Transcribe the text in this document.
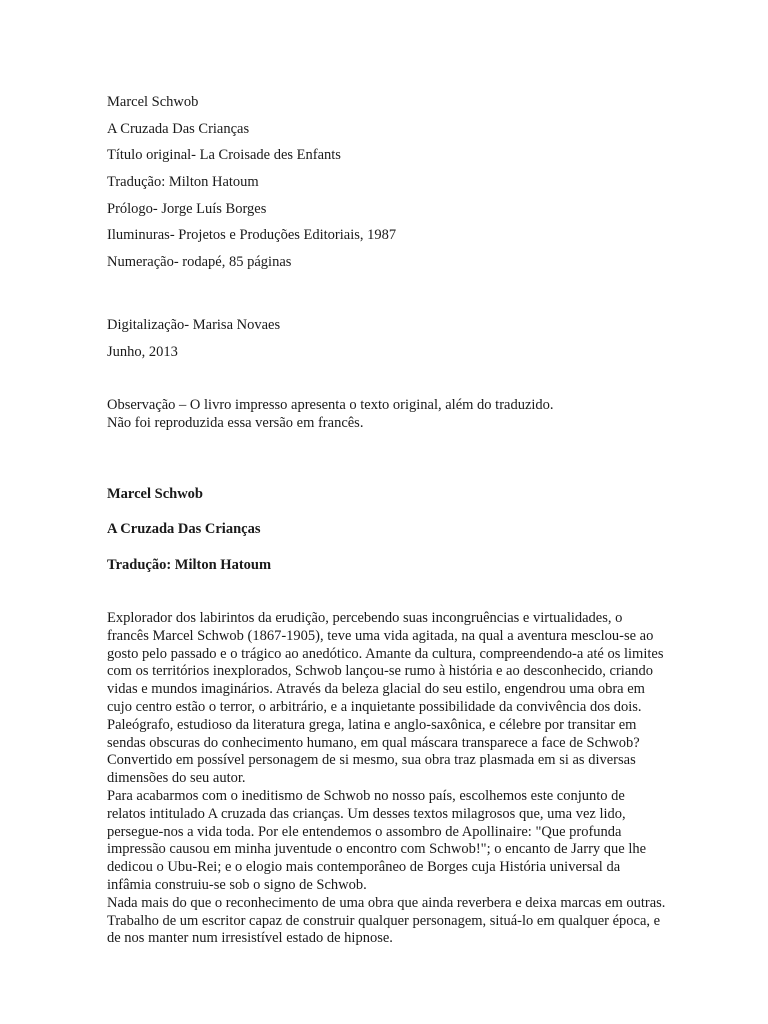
Marcel Schwob
A Cruzada Das Crianças
Título original- La Croisade des Enfants
Tradução: Milton Hatoum
Prólogo- Jorge Luís Borges
Iluminuras- Projetos e Produções Editoriais, 1987
Numeração- rodapé, 85 páginas
Digitalização- Marisa Novaes
Junho, 2013
Observação – O livro impresso apresenta o texto original, além do traduzido.
Não foi reproduzida essa versão em francês.
Marcel Schwob
A Cruzada Das Crianças
Tradução: Milton Hatoum

Explorador dos labirintos da erudição, percebendo suas incongruências e virtualidades, o francês Marcel Schwob (1867-1905), teve uma vida agitada, na qual a aventura mesclou-se ao gosto pelo passado e o trágico ao anedótico. Amante da cultura, compreendendo-a até os limites com os territórios inexplorados, Schwob lançou-se rumo à história e ao desconhecido, criando vidas e mundos imaginários. Através da beleza glacial do seu estilo, engendrou uma obra em cujo centro estão o terror, o arbitrário, e a inquietante possibilidade da convivência dos dois. Paleógrafo, estudioso da literatura grega, latina e anglo-saxônica, e célebre por transitar em sendas obscuras do conhecimento humano, em qual máscara transparece a face de Schwob? Convertido em possível personagem de si mesmo, sua obra traz plasmada em si as diversas dimensões do seu autor.

Para acabarmos com o ineditismo de Schwob no nosso país, escolhemos este conjunto de relatos intitulado A cruzada das crianças. Um desses textos milagrosos que, uma vez lido, persegue-nos a vida toda. Por ele entendemos o assombro de Apollinaire: "Que profunda impressão causou em minha juventude o encontro com Schwob!"; o encanto de Jarry que lhe dedicou o Ubu-Rei; e o elogio mais contemporâneo de Borges cuja História universal da infâmia construiu-se sob o signo de Schwob.

Nada mais do que o reconhecimento de uma obra que ainda reverbera e deixa marcas em outras. Trabalho de um escritor capaz de construir qualquer personagem, situá-lo em qualquer época, e de nos manter num irresistível estado de hipnose.
